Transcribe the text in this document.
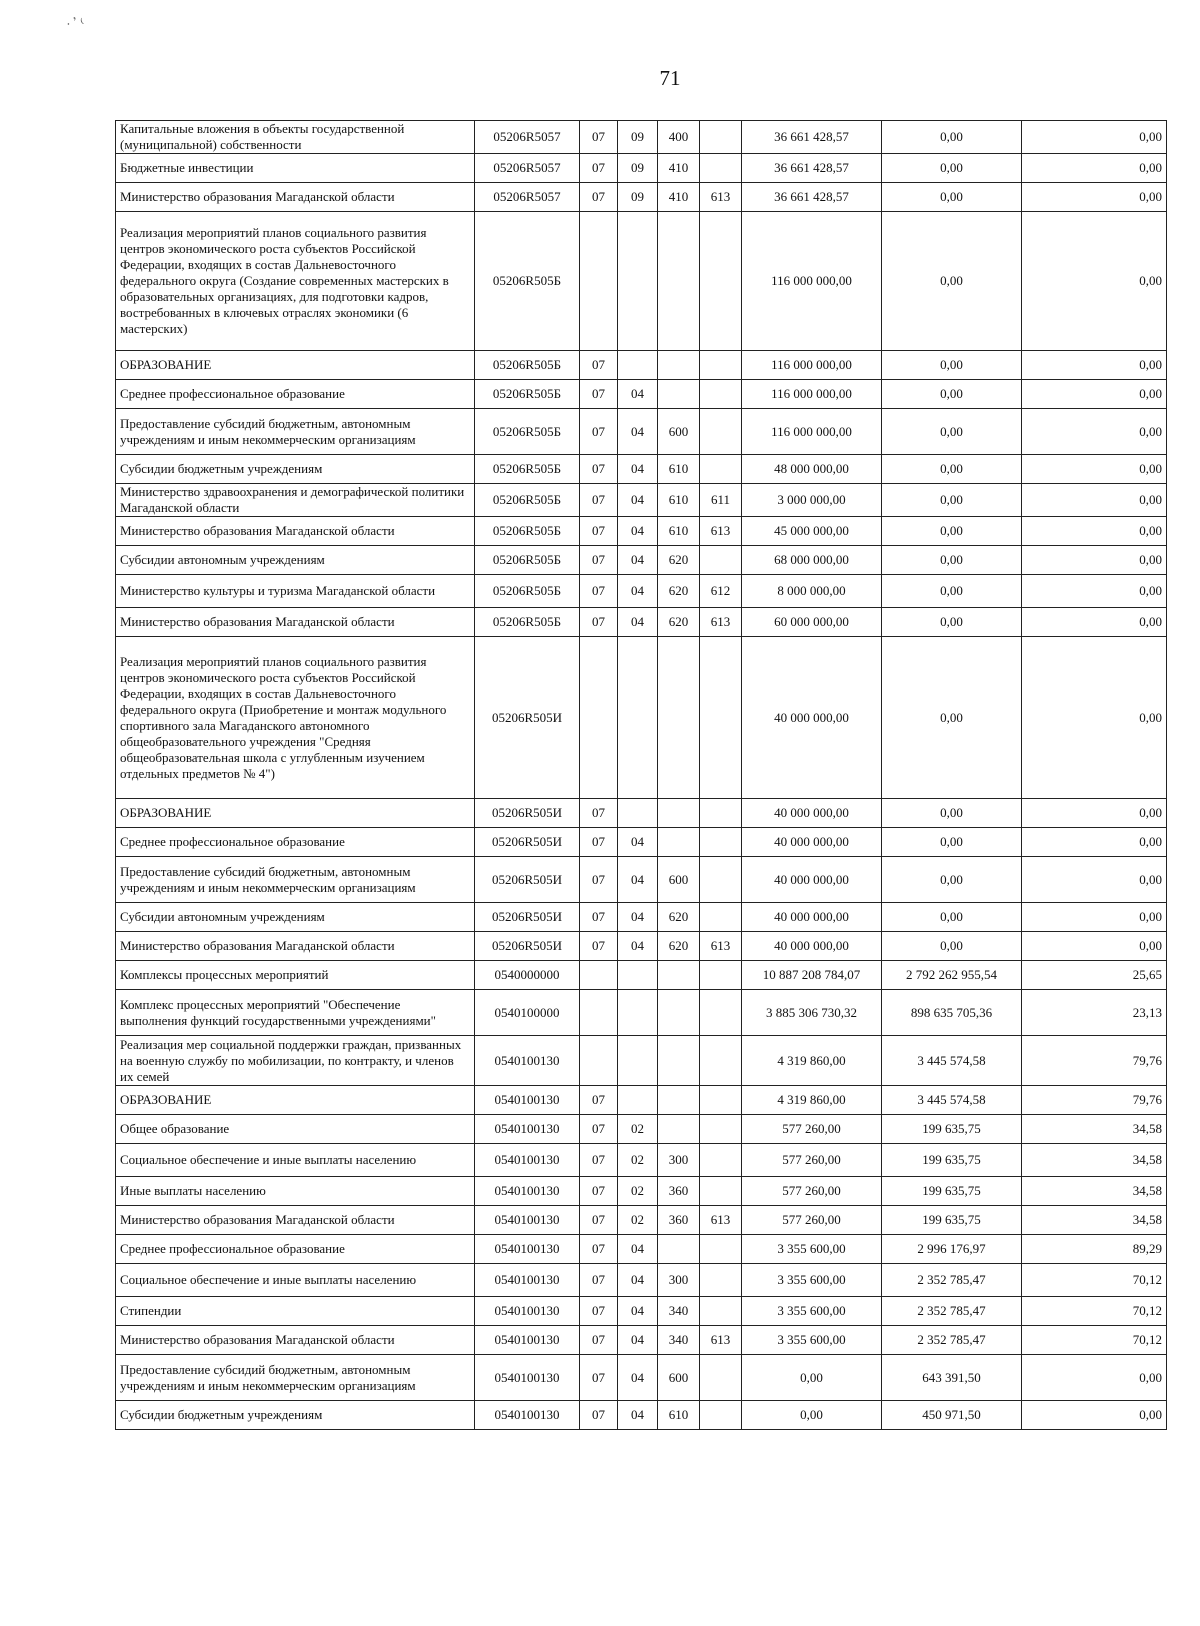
· ’ ₍
71
Капитальные вложения в объекты государственной (муниципальной) собственности	05206R5057	07	09	400		36 661 428,57	0,00	0,00
Бюджетные инвестиции	05206R5057	07	09	410		36 661 428,57	0,00	0,00
Министерство образования Магаданской области	05206R5057	07	09	410	613	36 661 428,57	0,00	0,00
Реализация мероприятий планов социального развития центров экономического роста субъектов Российской Федерации, входящих в состав Дальневосточного федерального округа (Создание современных мастерских в образовательных организациях, для подготовки кадров, востребованных в ключевых отраслях экономики (6 мастерских)	05206R505Б					116 000 000,00	0,00	0,00
ОБРАЗОВАНИЕ	05206R505Б	07				116 000 000,00	0,00	0,00
Среднее профессиональное образование	05206R505Б	07	04			116 000 000,00	0,00	0,00
Предоставление субсидий бюджетным, автономным учреждениям и иным некоммерческим организациям	05206R505Б	07	04	600		116 000 000,00	0,00	0,00
Субсидии бюджетным учреждениям	05206R505Б	07	04	610		48 000 000,00	0,00	0,00
Министерство здравоохранения и демографической политики Магаданской области	05206R505Б	07	04	610	611	3 000 000,00	0,00	0,00
Министерство образования Магаданской области	05206R505Б	07	04	610	613	45 000 000,00	0,00	0,00
Субсидии автономным учреждениям	05206R505Б	07	04	620		68 000 000,00	0,00	0,00
Министерство культуры и туризма Магаданской области	05206R505Б	07	04	620	612	8 000 000,00	0,00	0,00
Министерство образования Магаданской области	05206R505Б	07	04	620	613	60 000 000,00	0,00	0,00
Реализация мероприятий планов социального развития центров экономического роста субъектов Российской Федерации, входящих в состав Дальневосточного федерального округа (Приобретение и монтаж модульного спортивного зала Магаданского автономного общеобразовательного учреждения "Средняя общеобразовательная школа с углубленным изучением отдельных предметов № 4")	05206R505И					40 000 000,00	0,00	0,00
ОБРАЗОВАНИЕ	05206R505И	07				40 000 000,00	0,00	0,00
Среднее профессиональное образование	05206R505И	07	04			40 000 000,00	0,00	0,00
Предоставление субсидий бюджетным, автономным учреждениям и иным некоммерческим организациям	05206R505И	07	04	600		40 000 000,00	0,00	0,00
Субсидии автономным учреждениям	05206R505И	07	04	620		40 000 000,00	0,00	0,00
Министерство образования Магаданской области	05206R505И	07	04	620	613	40 000 000,00	0,00	0,00
Комплексы процессных мероприятий	0540000000					10 887 208 784,07	2 792 262 955,54	25,65
Комплекс процессных мероприятий "Обеспечение выполнения функций государственными учреждениями"	0540100000					3 885 306 730,32	898 635 705,36	23,13
Реализация мер социальной поддержки граждан, призванных на военную службу по мобилизации, по контракту, и членов их семей	0540100130					4 319 860,00	3 445 574,58	79,76
ОБРАЗОВАНИЕ	0540100130	07				4 319 860,00	3 445 574,58	79,76
Общее образование	0540100130	07	02			577 260,00	199 635,75	34,58
Социальное обеспечение и иные выплаты населению	0540100130	07	02	300		577 260,00	199 635,75	34,58
Иные выплаты населению	0540100130	07	02	360		577 260,00	199 635,75	34,58
Министерство образования Магаданской области	0540100130	07	02	360	613	577 260,00	199 635,75	34,58
Среднее профессиональное образование	0540100130	07	04			3 355 600,00	2 996 176,97	89,29
Социальное обеспечение и иные выплаты населению	0540100130	07	04	300		3 355 600,00	2 352 785,47	70,12
Стипендии	0540100130	07	04	340		3 355 600,00	2 352 785,47	70,12
Министерство образования Магаданской области	0540100130	07	04	340	613	3 355 600,00	2 352 785,47	70,12
Предоставление субсидий бюджетным, автономным учреждениям и иным некоммерческим организациям	0540100130	07	04	600		0,00	643 391,50	0,00
Субсидии бюджетным учреждениям	0540100130	07	04	610		0,00	450 971,50	0,00
